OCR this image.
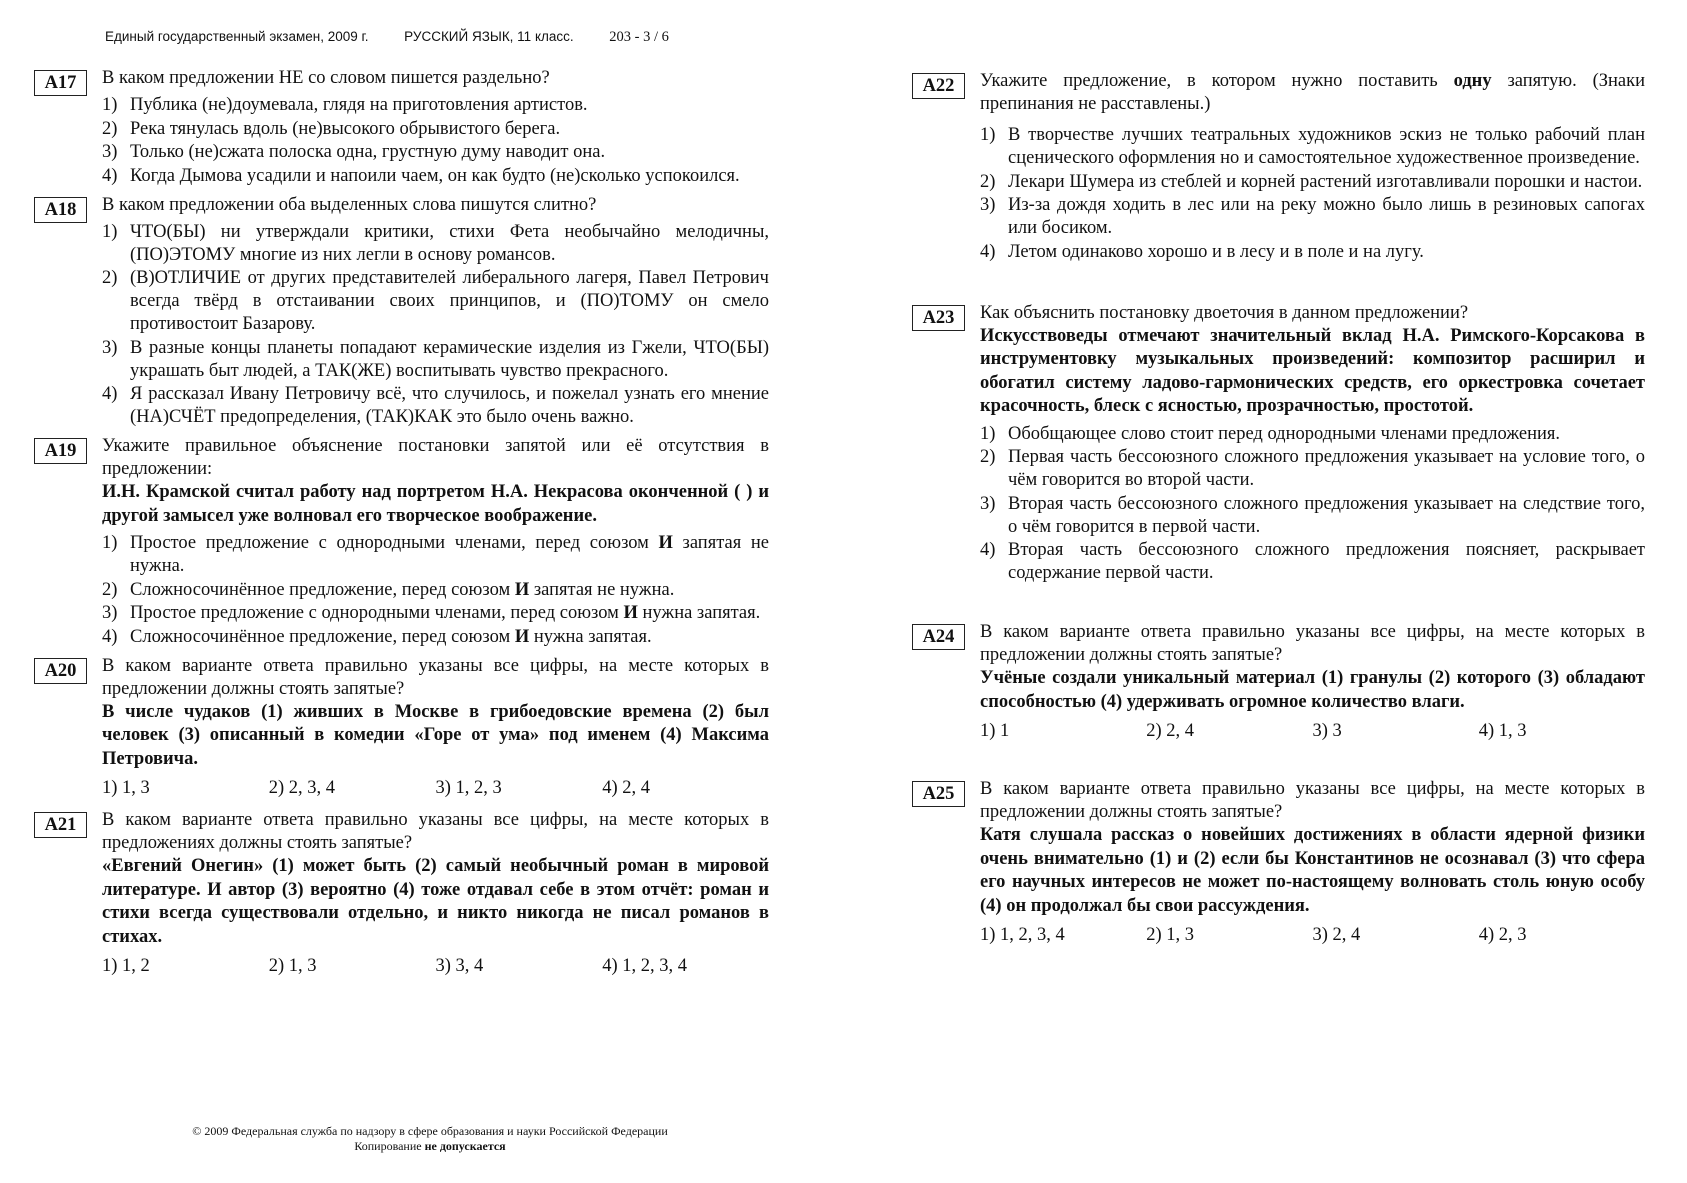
Единый государственный экзамен, 2009 г.	РУССКИЙ ЯЗЫК, 11 класс. 203 - 3 / 6
A17	В каком предложении НЕ со словом пишется раздельно?
1) Публика (не)доумевала, глядя на приготовления артистов.
2) Река тянулась вдоль (не)высокого обрывистого берега.
3) Только (не)сжата полоска одна, грустную думу наводит она.
4) Когда Дымова усадили и напоили чаем, он как будто (не)сколько успокоился.
A18	В каком предложении оба выделенных слова пишутся слитно?
1) ЧТО(БЫ) ни утверждали критики, стихи Фета необычайно мелодичны, (ПО)ЭТОМУ многие из них легли в основу романсов.
2) (В)ОТЛИЧИЕ от других представителей либерального лагеря, Павел Петрович всегда твёрд в отстаивании своих принципов, и (ПО)ТОМУ он смело противостоит Базарову.
3) В разные концы планеты попадают керамические изделия из Гжели, ЧТО(БЫ) украшать быт людей, а ТАК(ЖЕ) воспитывать чувство прекрасного.
4) Я рассказал Ивану Петровичу всё, что случилось, и пожелал узнать его мнение (НА)СЧЁТ предопределения, (ТАК)КАК это было очень важно.
A19	Укажите правильное объяснение постановки запятой или её отсутствия в предложении:
И.Н. Крамской считал работу над портретом Н.А. Некрасова оконченной ( ) и другой замысел уже волновал его творческое воображение.
1) Простое предложение с однородными членами, перед союзом И запятая не нужна.
2) Сложносочинённое предложение, перед союзом И запятая не нужна.
3) Простое предложение с однородными членами, перед союзом И нужна запятая.
4) Сложносочинённое предложение, перед союзом И нужна запятая.
A20	В каком варианте ответа правильно указаны все цифры, на месте которых в предложении должны стоять запятые?
В числе чудаков (1) живших в Москве в грибоедовские времена (2) был человек (3) описанный в комедии «Горе от ума» под именем (4) Максима Петровича.
1) 1, 3	2) 2, 3, 4	3) 1, 2, 3	4) 2, 4
A21	В каком варианте ответа правильно указаны все цифры, на месте которых в предложениях должны стоять запятые?
«Евгений Онегин» (1) может быть (2) самый необычный роман в мировой литературе. И автор (3) вероятно (4) тоже отдавал себе в этом отчёт: роман и стихи всегда существовали отдельно, и никто никогда не писал романов в стихах.
1) 1, 2	2) 1, 3	3) 3, 4	4) 1, 2, 3, 4
A22	Укажите предложение, в котором нужно поставить одну запятую. (Знаки препинания не расставлены.)
1) В творчестве лучших театральных художников эскиз не только рабочий план сценического оформления но и самостоятельное художественное произведение.
2) Лекари Шумера из стеблей и корней растений изготавливали порошки и настои.
3) Из-за дождя ходить в лес или на реку можно было лишь в резиновых сапогах или босиком.
4) Летом одинаково хорошо и в лесу и в поле и на лугу.
A23	Как объяснить постановку двоеточия в данном предложении?
Искусствоведы отмечают значительный вклад Н.А. Римского-Корсакова в инструментовку музыкальных произведений: композитор расширил и обогатил систему ладово-гармонических средств, его оркестровка сочетает красочность, блеск с ясностью, прозрачностью, простотой.
1) Обобщающее слово стоит перед однородными членами предложения.
2) Первая часть бессоюзного сложного предложения указывает на условие того, о чём говорится во второй части.
3) Вторая часть бессоюзного сложного предложения указывает на следствие того, о чём говорится в первой части.
4) Вторая часть бессоюзного сложного предложения поясняет, раскрывает содержание первой части.
A24	В каком варианте ответа правильно указаны все цифры, на месте которых в предложении должны стоять запятые?
Учёные создали уникальный материал (1) гранулы (2) которого (3) обладают способностью (4) удерживать огромное количество влаги.
1) 1	2) 2, 4	3) 3	4) 1, 3
A25	В каком варианте ответа правильно указаны все цифры, на месте которых в предложении должны стоять запятые?
Катя слушала рассказ о новейших достижениях в области ядерной физики очень внимательно (1) и (2) если бы Константинов не осознавал (3) что сфера его научных интересов не может по-настоящему волновать столь юную особу (4) он продолжал бы свои рассуждения.
1) 1, 2, 3, 4	2) 1, 3	3) 2, 4	4) 2, 3
© 2009 Федеральная служба по надзору в сфере образования и науки Российской Федерации
Копирование не допускается
